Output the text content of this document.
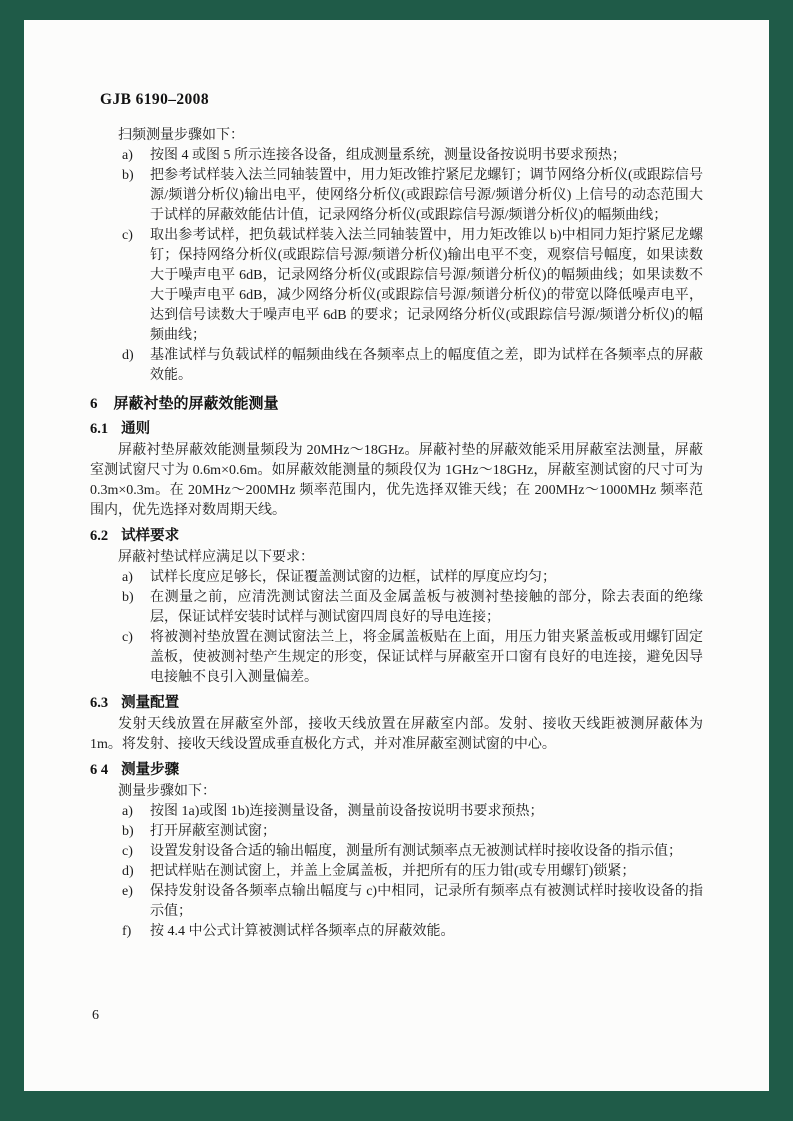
GJB 6190–2008

扫频测量步骤如下：

a)	按图 4 或图 5 所示连接各设备，组成测量系统，测量设备按说明书要求预热；
b)	把参考试样装入法兰同轴装置中，用力矩改锥拧紧尼龙螺钉；调节网络分析仪(或跟踪信号源/频谱分析仪)输出电平，使网络分析仪(或跟踪信号源/频谱分析仪) 上信号的动态范围大于试样的屏蔽效能估计值，记录网络分析仪(或跟踪信号源/频谱分析仪)的幅频曲线；
c)	取出参考试样，把负载试样装入法兰同轴装置中，用力矩改锥以 b)中相同力矩拧紧尼龙螺钉；保持网络分析仪(或跟踪信号源/频谱分析仪)输出电平不变，观察信号幅度，如果读数大于噪声电平 6dB，记录网络分析仪(或跟踪信号源/频谱分析仪)的幅频曲线；如果读数不大于噪声电平 6dB，减少网络分析仪(或跟踪信号源/频谱分析仪)的带宽以降低噪声电平，达到信号读数大于噪声电平 6dB 的要求；记录网络分析仪(或跟踪信号源/频谱分析仪)的幅频曲线；
d)	基准试样与负载试样的幅频曲线在各频率点上的幅度值之差，即为试样在各频率点的屏蔽效能。
6 屏蔽衬垫的屏蔽效能测量
6.1 通则

屏蔽衬垫屏蔽效能测量频段为 20MHz～18GHz。屏蔽衬垫的屏蔽效能采用屏蔽室法测量，屏蔽室测试窗尺寸为 0.6m×0.6m。如屏蔽效能测量的频段仅为 1GHz～18GHz，屏蔽室测试窗的尺寸可为 0.3m×0.3m。在 20MHz～200MHz 频率范围内，优先选择双锥天线；在 200MHz～1000MHz 频率范围内，优先选择对数周期天线。

6.2 试样要求

屏蔽衬垫试样应满足以下要求：

a)	试样长度应足够长，保证覆盖测试窗的边框，试样的厚度应均匀；
b)	在测量之前，应清洗测试窗法兰面及金属盖板与被测衬垫接触的部分，除去表面的绝缘层，保证试样安装时试样与测试窗四周良好的导电连接；
c)	将被测衬垫放置在测试窗法兰上，将金属盖板贴在上面，用压力钳夹紧盖板或用螺钉固定盖板，使被测衬垫产生规定的形变，保证试样与屏蔽室开口窗有良好的电连接，避免因导电接触不良引入测量偏差。
6.3 测量配置

发射天线放置在屏蔽室外部，接收天线放置在屏蔽室内部。发射、接收天线距被测屏蔽体为 1m。将发射、接收天线设置成垂直极化方式，并对准屏蔽室测试窗的中心。

6 4 测量步骤

测量步骤如下：

a)	按图 1a)或图 1b)连接测量设备，测量前设备按说明书要求预热；
b)	打开屏蔽室测试窗；
c)	设置发射设备合适的输出幅度，测量所有测试频率点无被测试样时接收设备的指示值；
d)	把试样贴在测试窗上，并盖上金属盖板，并把所有的压力钳(或专用螺钉)锁紧；
e)	保持发射设备各频率点输出幅度与 c)中相同，记录所有频率点有被测试样时接收设备的指示值；
f)	按 4.4 中公式计算被测试样各频率点的屏蔽效能。
6
